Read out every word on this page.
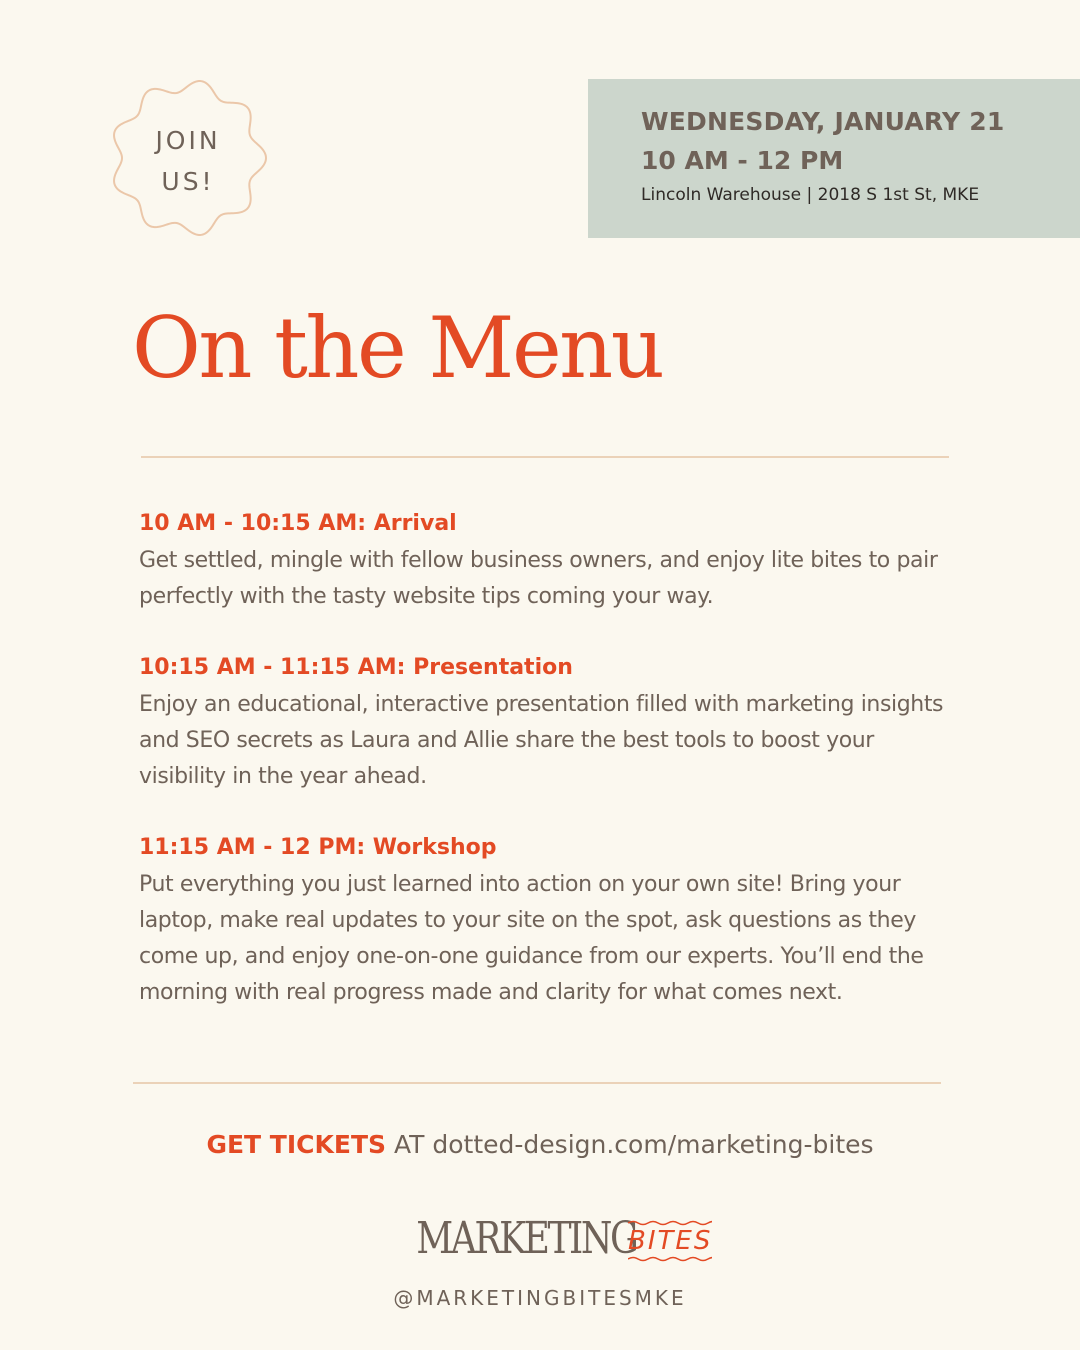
JOIN
US!
WEDNESDAY, JANUARY 21
10 AM - 12 PM
Lincoln Warehouse | 2018 S 1st St, MKE
On the Menu
10 AM - 10:15 AM: Arrival

Get settled, mingle with fellow business owners, and enjoy lite bites to pair perfectly with the tasty website tips coming your way.

10:15 AM - 11:15 AM: Presentation

Enjoy an educational, interactive presentation filled with marketing insights and SEO secrets as Laura and Allie share the best tools to boost your visibility in the year ahead.

11:15 AM - 12 PM: Workshop

Put everything you just learned into action on your own site! Bring your laptop, make real updates to your site on the spot, ask questions as they come up, and enjoy one-on-one guidance from our experts. You’ll end the morning with real progress made and clarity for what comes next.

GET TICKETS AT dotted-design.com/marketing-bites
MARKETING
BITES
@MARKETINGBITESMKE
